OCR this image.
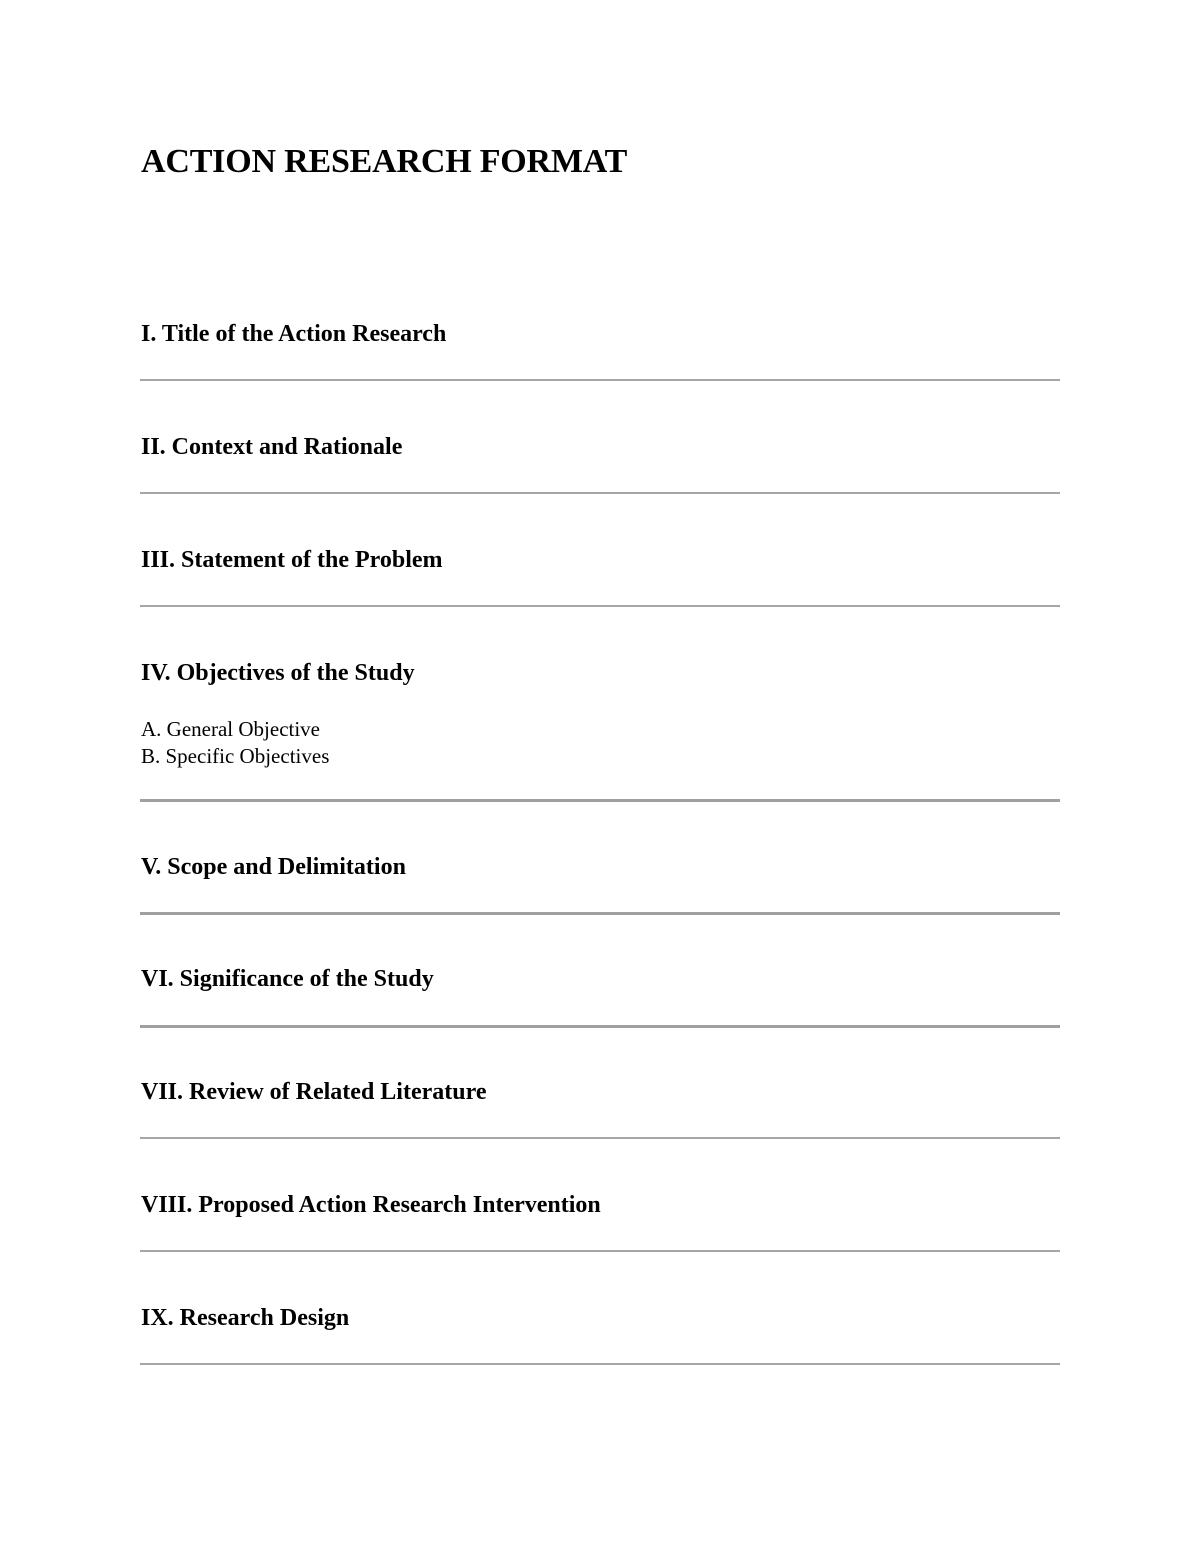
ACTION RESEARCH FORMAT
I. Title of the Action Research
II. Context and Rationale
III. Statement of the Problem
IV. Objectives of the Study
A. General Objective
B. Specific Objectives
V. Scope and Delimitation
VI. Significance of the Study
VII. Review of Related Literature
VIII. Proposed Action Research Intervention
IX. Research Design
